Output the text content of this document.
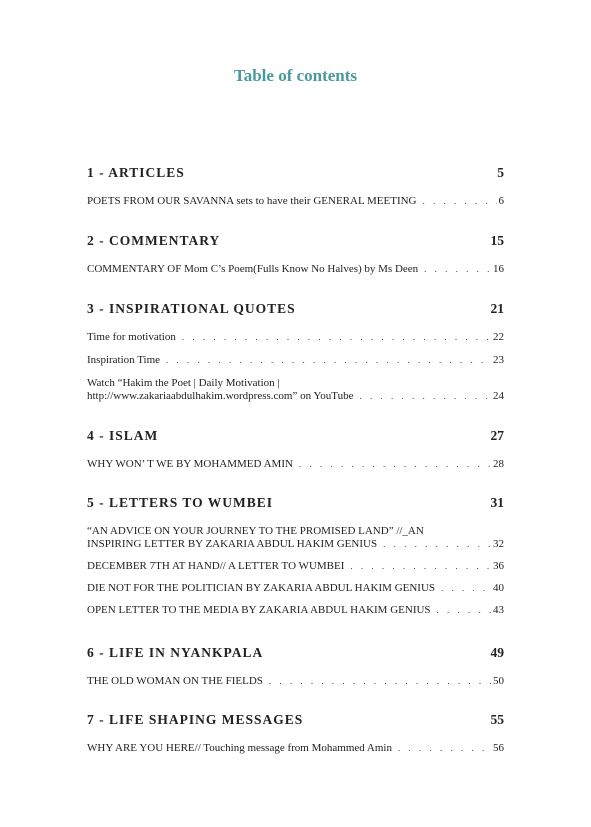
Table of contents
1 - ARTICLES	5
POETS FROM OUR SAVANNA sets to have their GENERAL MEETING . . .	6
2 - COMMENTARY	15
COMMENTARY OF Mom C’s Poem(Fulls Know No Halves) by Ms Deen . . .	16
3 - INSPIRATIONAL QUOTES	21
Time for motivation . . .	22
Inspiration Time . . .	23
Watch “Hakim the Poet | Daily Motivation |
http://www.zakariaabdulhakim.wordpress.com” on YouTube . . .	24
4 - ISLAM	27
WHY WON’ T WE BY MOHAMMED AMIN . . .	28
5 - LETTERS TO WUMBEI	31
“AN ADVICE ON YOUR JOURNEY TO THE PROMISED LAND” //_AN
INSPIRING LETTER BY ZAKARIA ABDUL HAKIM GENIUS . . .	32
DECEMBER 7TH AT HAND// A LETTER TO WUMBEI . . .	36
DIE NOT FOR THE POLITICIAN BY ZAKARIA ABDUL HAKIM GENIUS . . .	40
OPEN LETTER TO THE MEDIA BY ZAKARIA ABDUL HAKIM GENIUS . . .	43
6 - LIFE IN NYANKPALA	49
THE OLD WOMAN ON THE FIELDS . . .	50
7 - LIFE SHAPING MESSAGES	55
WHY ARE YOU HERE// Touching message from Mohammed Amin . . .	56
